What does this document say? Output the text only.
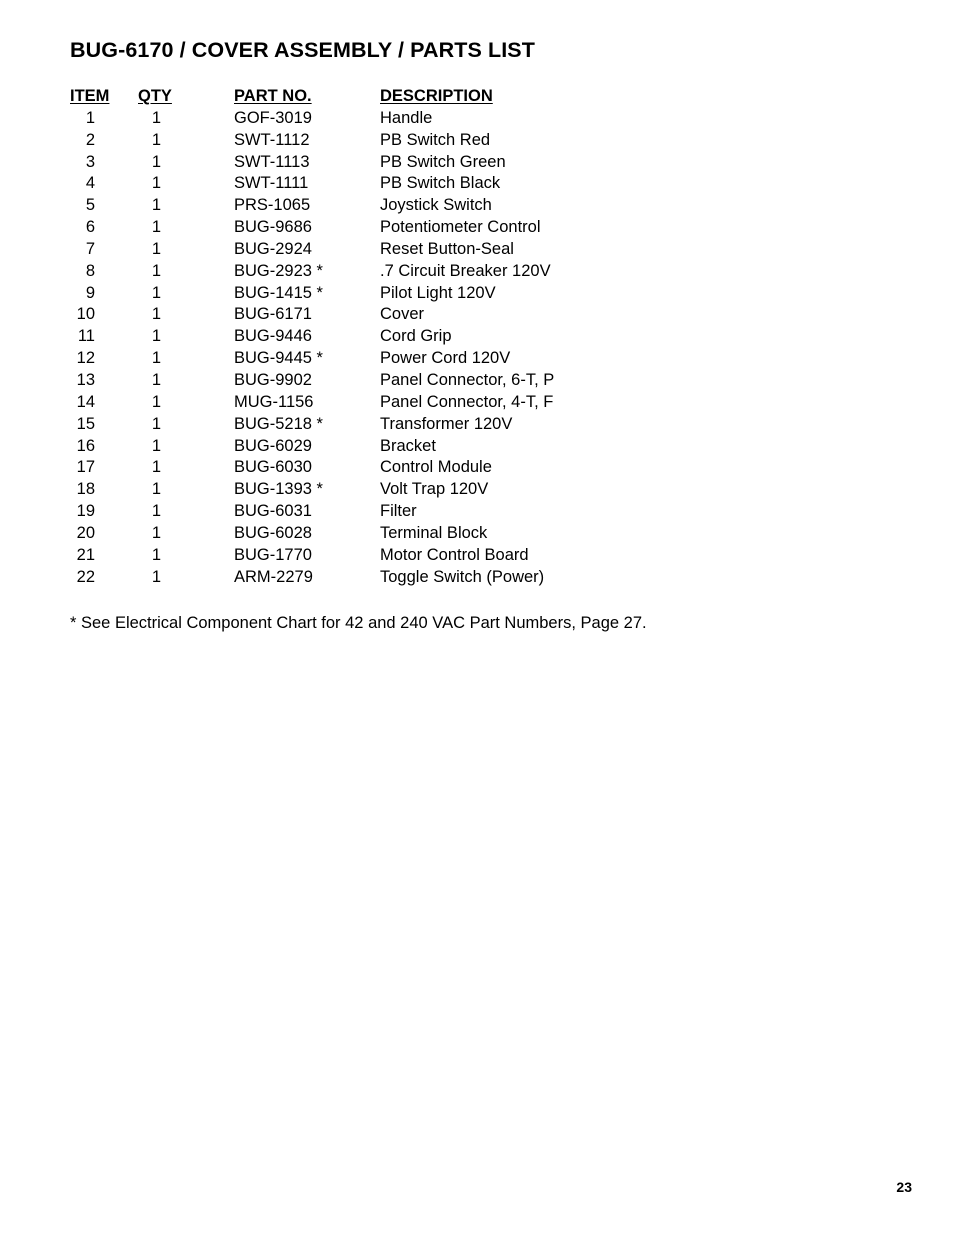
BUG-6170 / COVER ASSEMBLY / PARTS LIST
ITEM QTY	PART NO.	DESCRIPTION
1	1	GOF-3019	Handle
2	1	SWT-1112	PB Switch Red
3	1	SWT-1113	PB Switch Green
4	1	SWT-1111	PB Switch Black
5	1	PRS-1065	Joystick Switch
6	1	BUG-9686	Potentiometer Control
7	1	BUG-2924	Reset Button-Seal
8	1	BUG-2923 *	.7 Circuit Breaker 120V
9	1	BUG-1415 *	Pilot Light 120V
10	1	BUG-6171	Cover
11	1	BUG-9446	Cord Grip
12	1	BUG-9445 *	Power Cord 120V
13	1	BUG-9902	Panel Connector, 6-T, P
14	1	MUG-1156	Panel Connector, 4-T, F
15	1	BUG-5218 *	Transformer 120V
16	1	BUG-6029	Bracket
17	1	BUG-6030	Control Module
18	1	BUG-1393 *	Volt Trap 120V
19	1	BUG-6031	Filter
20	1	BUG-6028	Terminal Block
21	1	BUG-1770	Motor Control Board
22	1	ARM-2279	Toggle Switch (Power)
* See Electrical Component Chart for 42 and 240 VAC Part Numbers, Page 27.
23
